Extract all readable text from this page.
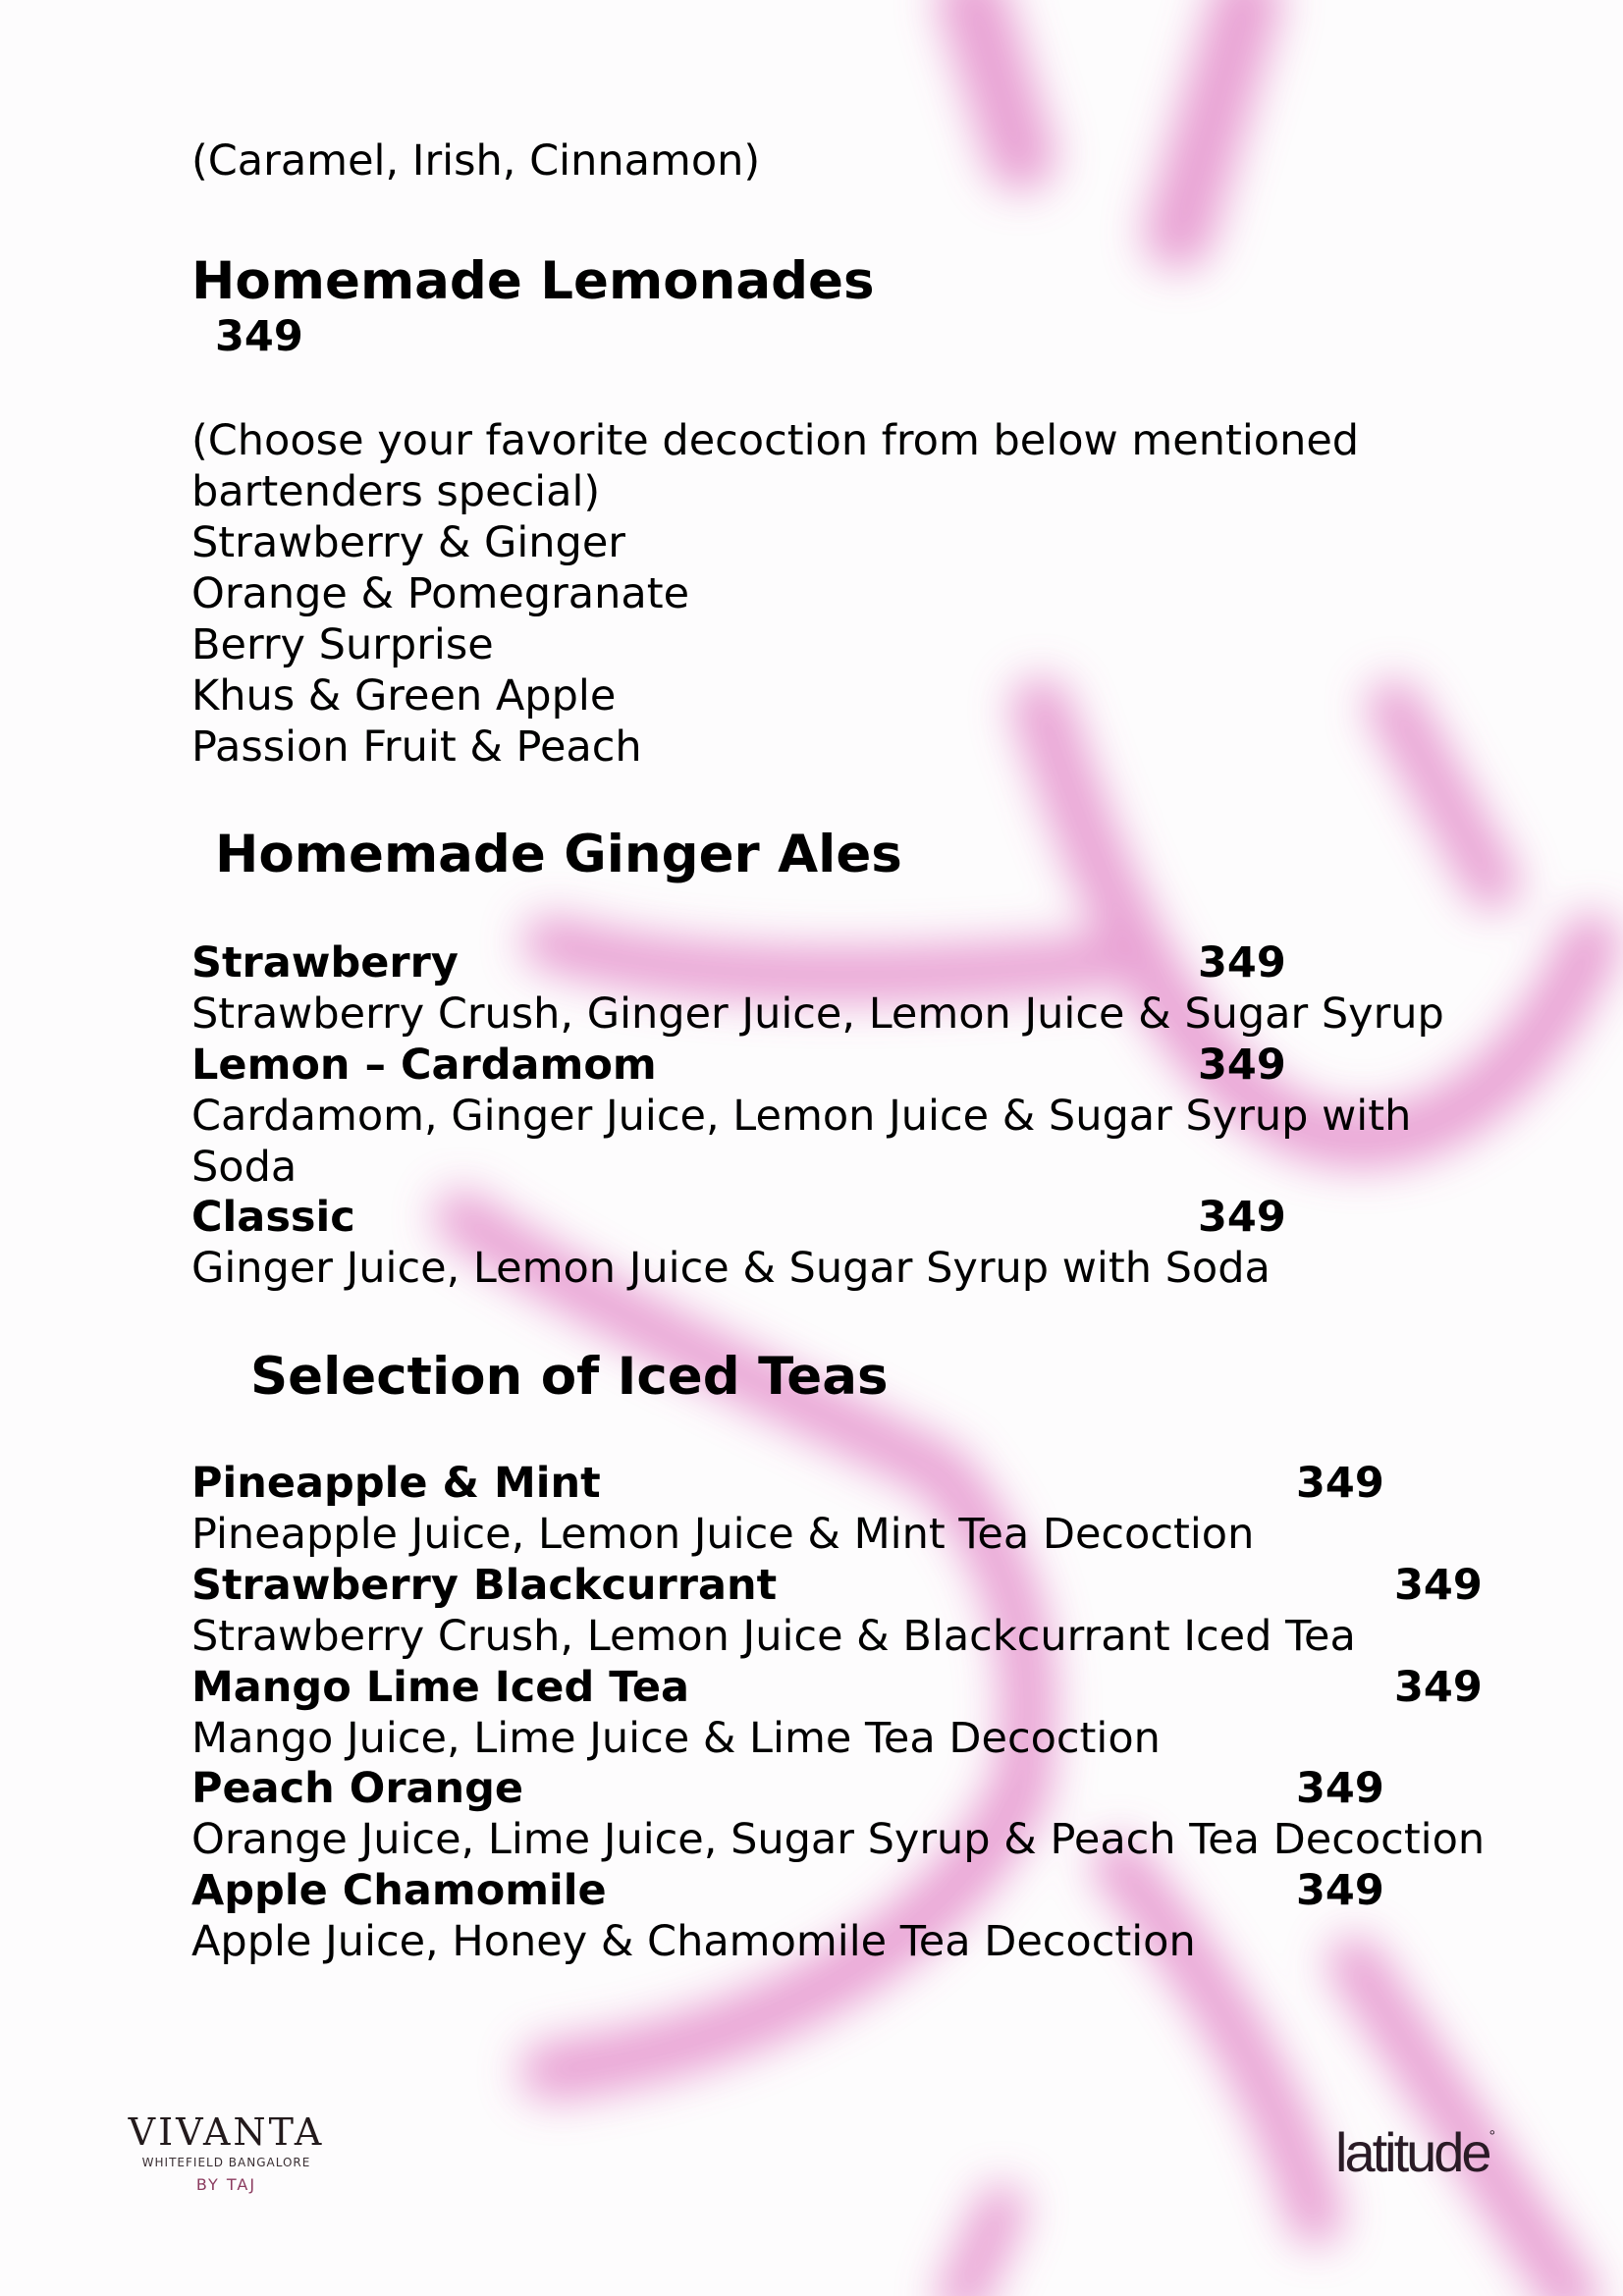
(Caramel, Irish, Cinnamon)
Homemade Lemonades
349
(Choose your favorite decoction from below mentioned
bartenders special)
Strawberry & Ginger
Orange & Pomegranate
Berry Surprise
Khus & Green Apple
Passion Fruit & Peach
Homemade Ginger Ales
Strawberry	349
Strawberry Crush, Ginger Juice, Lemon Juice & Sugar Syrup
Lemon – Cardamom	349
Cardamom, Ginger Juice, Lemon Juice & Sugar Syrup with
Soda
Classic	349
Ginger Juice, Lemon Juice & Sugar Syrup with Soda
Selection of Iced Teas
Pineapple & Mint	349
Pineapple Juice, Lemon Juice & Mint Tea Decoction
Strawberry Blackcurrant	349
Strawberry Crush, Lemon Juice & Blackcurrant Iced Tea
Mango Lime Iced Tea	349
Mango Juice, Lime Juice & Lime Tea Decoction
Peach Orange	349
Orange Juice, Lime Juice, Sugar Syrup & Peach Tea Decoction
Apple Chamomile	349
Apple Juice, Honey & Chamomile Tea Decoction
VIVANTA
WHITEFIELD BANGALORE
BY TAJ
latitude°
